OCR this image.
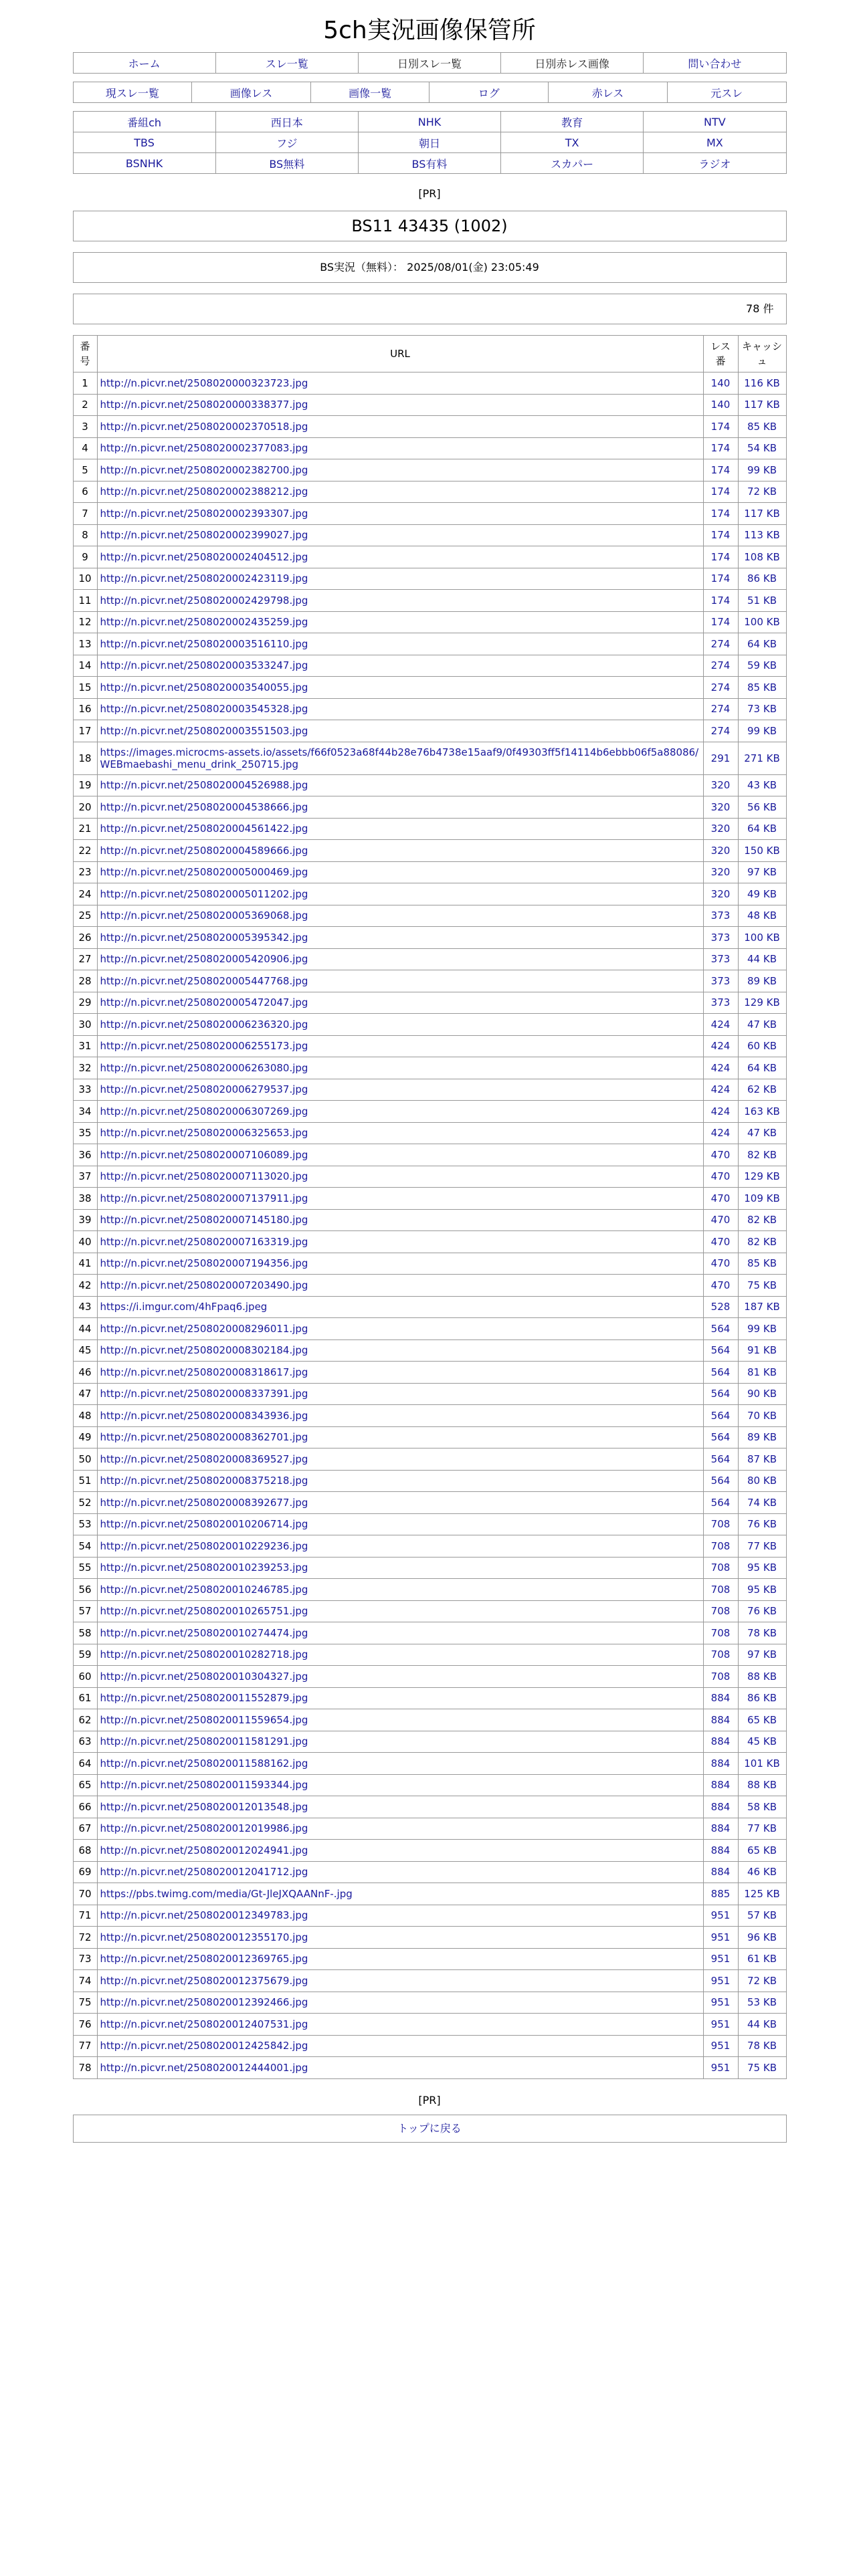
5ch実況画像保管所
ホーム	スレ一覧	日別スレ一覧	日別赤レス画像	問い合わせ
現スレ一覧	画像レス	画像一覧	ログ	赤レス	元スレ
番組ch	西日本	NHK	教育	NTV
TBS	フジ	朝日	TX	MX
BSNHK	BS無料	BS有料	スカパー	ラジオ
[PR]
BS11 43435 (1002)
BS実況（無料）： 2025/08/01(金) 23:05:49
78 件
番号	URL	レス番	キャッシュ
1	http://n.picvr.net/2508020000323723.jpg	140	116 KB
2	http://n.picvr.net/2508020000338377.jpg	140	117 KB
3	http://n.picvr.net/2508020002370518.jpg	174	85 KB
4	http://n.picvr.net/2508020002377083.jpg	174	54 KB
5	http://n.picvr.net/2508020002382700.jpg	174	99 KB
6	http://n.picvr.net/2508020002388212.jpg	174	72 KB
7	http://n.picvr.net/2508020002393307.jpg	174	117 KB
8	http://n.picvr.net/2508020002399027.jpg	174	113 KB
9	http://n.picvr.net/2508020002404512.jpg	174	108 KB
10	http://n.picvr.net/2508020002423119.jpg	174	86 KB
11	http://n.picvr.net/2508020002429798.jpg	174	51 KB
12	http://n.picvr.net/2508020002435259.jpg	174	100 KB
13	http://n.picvr.net/2508020003516110.jpg	274	64 KB
14	http://n.picvr.net/2508020003533247.jpg	274	59 KB
15	http://n.picvr.net/2508020003540055.jpg	274	85 KB
16	http://n.picvr.net/2508020003545328.jpg	274	73 KB
17	http://n.picvr.net/2508020003551503.jpg	274	99 KB
18	https://images.microcms-assets.io/assets/f66f0523a68f44b28e76b4738e15aaf9/0f49303ff5f14114b6ebbb06f5a88086/WEBmaebashi_menu_drink_250715.jpg	291	271 KB
19	http://n.picvr.net/2508020004526988.jpg	320	43 KB
20	http://n.picvr.net/2508020004538666.jpg	320	56 KB
21	http://n.picvr.net/2508020004561422.jpg	320	64 KB
22	http://n.picvr.net/2508020004589666.jpg	320	150 KB
23	http://n.picvr.net/2508020005000469.jpg	320	97 KB
24	http://n.picvr.net/2508020005011202.jpg	320	49 KB
25	http://n.picvr.net/2508020005369068.jpg	373	48 KB
26	http://n.picvr.net/2508020005395342.jpg	373	100 KB
27	http://n.picvr.net/2508020005420906.jpg	373	44 KB
28	http://n.picvr.net/2508020005447768.jpg	373	89 KB
29	http://n.picvr.net/2508020005472047.jpg	373	129 KB
30	http://n.picvr.net/2508020006236320.jpg	424	47 KB
31	http://n.picvr.net/2508020006255173.jpg	424	60 KB
32	http://n.picvr.net/2508020006263080.jpg	424	64 KB
33	http://n.picvr.net/2508020006279537.jpg	424	62 KB
34	http://n.picvr.net/2508020006307269.jpg	424	163 KB
35	http://n.picvr.net/2508020006325653.jpg	424	47 KB
36	http://n.picvr.net/2508020007106089.jpg	470	82 KB
37	http://n.picvr.net/2508020007113020.jpg	470	129 KB
38	http://n.picvr.net/2508020007137911.jpg	470	109 KB
39	http://n.picvr.net/2508020007145180.jpg	470	82 KB
40	http://n.picvr.net/2508020007163319.jpg	470	82 KB
41	http://n.picvr.net/2508020007194356.jpg	470	85 KB
42	http://n.picvr.net/2508020007203490.jpg	470	75 KB
43	https://i.imgur.com/4hFpaq6.jpeg	528	187 KB
44	http://n.picvr.net/2508020008296011.jpg	564	99 KB
45	http://n.picvr.net/2508020008302184.jpg	564	91 KB
46	http://n.picvr.net/2508020008318617.jpg	564	81 KB
47	http://n.picvr.net/2508020008337391.jpg	564	90 KB
48	http://n.picvr.net/2508020008343936.jpg	564	70 KB
49	http://n.picvr.net/2508020008362701.jpg	564	89 KB
50	http://n.picvr.net/2508020008369527.jpg	564	87 KB
51	http://n.picvr.net/2508020008375218.jpg	564	80 KB
52	http://n.picvr.net/2508020008392677.jpg	564	74 KB
53	http://n.picvr.net/2508020010206714.jpg	708	76 KB
54	http://n.picvr.net/2508020010229236.jpg	708	77 KB
55	http://n.picvr.net/2508020010239253.jpg	708	95 KB
56	http://n.picvr.net/2508020010246785.jpg	708	95 KB
57	http://n.picvr.net/2508020010265751.jpg	708	76 KB
58	http://n.picvr.net/2508020010274474.jpg	708	78 KB
59	http://n.picvr.net/2508020010282718.jpg	708	97 KB
60	http://n.picvr.net/2508020010304327.jpg	708	88 KB
61	http://n.picvr.net/2508020011552879.jpg	884	86 KB
62	http://n.picvr.net/2508020011559654.jpg	884	65 KB
63	http://n.picvr.net/2508020011581291.jpg	884	45 KB
64	http://n.picvr.net/2508020011588162.jpg	884	101 KB
65	http://n.picvr.net/2508020011593344.jpg	884	88 KB
66	http://n.picvr.net/2508020012013548.jpg	884	58 KB
67	http://n.picvr.net/2508020012019986.jpg	884	77 KB
68	http://n.picvr.net/2508020012024941.jpg	884	65 KB
69	http://n.picvr.net/2508020012041712.jpg	884	46 KB
70	https://pbs.twimg.com/media/Gt-JleJXQAANnF-.jpg	885	125 KB
71	http://n.picvr.net/2508020012349783.jpg	951	57 KB
72	http://n.picvr.net/2508020012355170.jpg	951	96 KB
73	http://n.picvr.net/2508020012369765.jpg	951	61 KB
74	http://n.picvr.net/2508020012375679.jpg	951	72 KB
75	http://n.picvr.net/2508020012392466.jpg	951	53 KB
76	http://n.picvr.net/2508020012407531.jpg	951	44 KB
77	http://n.picvr.net/2508020012425842.jpg	951	78 KB
78	http://n.picvr.net/2508020012444001.jpg	951	75 KB
[PR]
トップに戻る
